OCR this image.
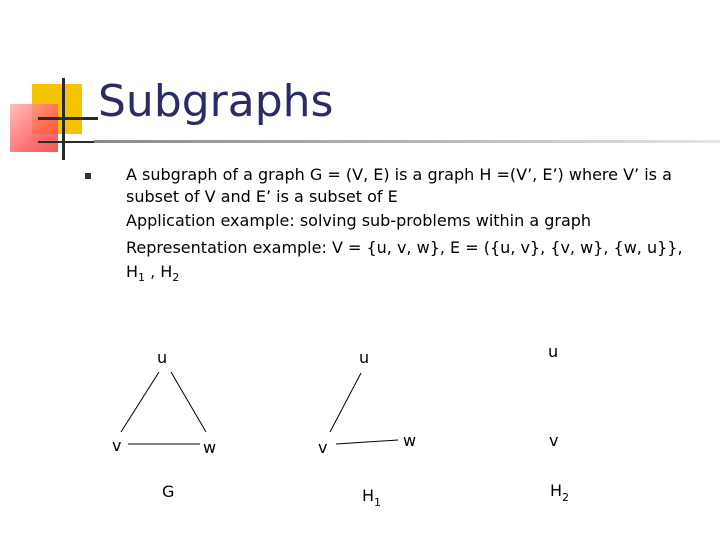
Subgraphs
A subgraph of a graph G = (V, E) is a graph H =(V’, E’) where V’ is a
subset of V and E’ is a subset of E
Application example: solving sub-problems within a graph
Representation example: V = {u, v, w}, E = ({u, v}, {v, w}, {w, u}},
$H_1$ , $H_2$
u
v	w
G
u
v	w
$H_1$
u
v
$H_2$
